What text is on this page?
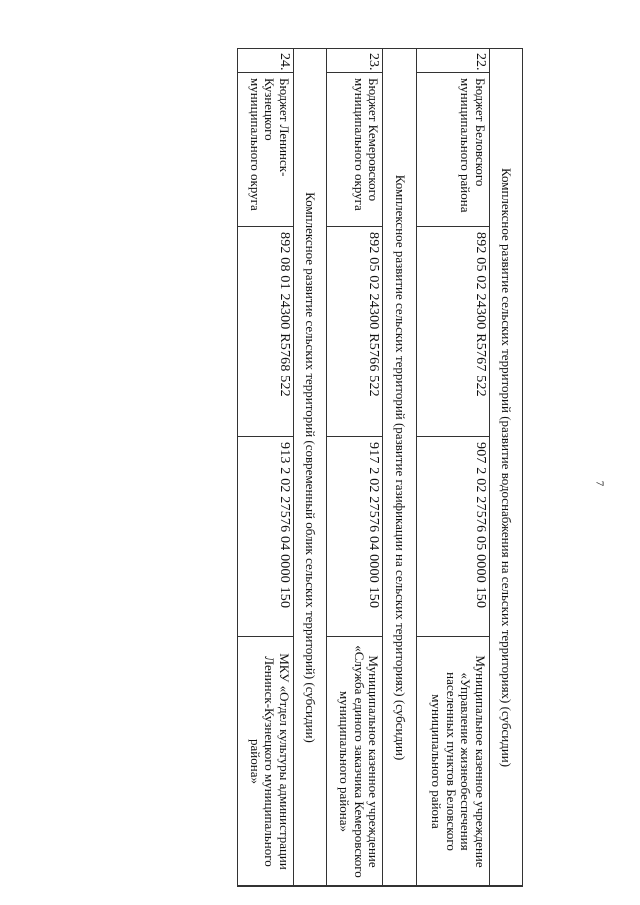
7
Комплексное развитие сельских территорий (развитие водоснабжения на сельских территориях) (субсидии)				
22.	Бюджет Беловского муниципального района	892 05 02 24300 R5767 522	907 2 02 27576 05 0000 150	Муниципальное казенное учреждение «Управление жизнеобеспечения населенных пунктов Беловского муниципального района
Комплексное развитие сельских территорий (развитие газификации на сельских территориях) (субсидии)				
23.	Бюджет Кемеровского муниципального округа	892 05 02 24300 R5766 522	917 2 02 27576 04 0000 150	Муниципальное казенное учреждение «Служба единого заказчика Кемеровского муниципального района»
Комплексное развитие сельских территорий (современный облик сельских территорий) (субсидии)				
24.	Бюджет Ленинск-Кузнецкого муниципального округа	892 08 01 24300 R5768 522	913 2 02 27576 04 0000 150	МКУ «Отдел культуры администрации Ленинск-Кузнецкого муниципального района»
